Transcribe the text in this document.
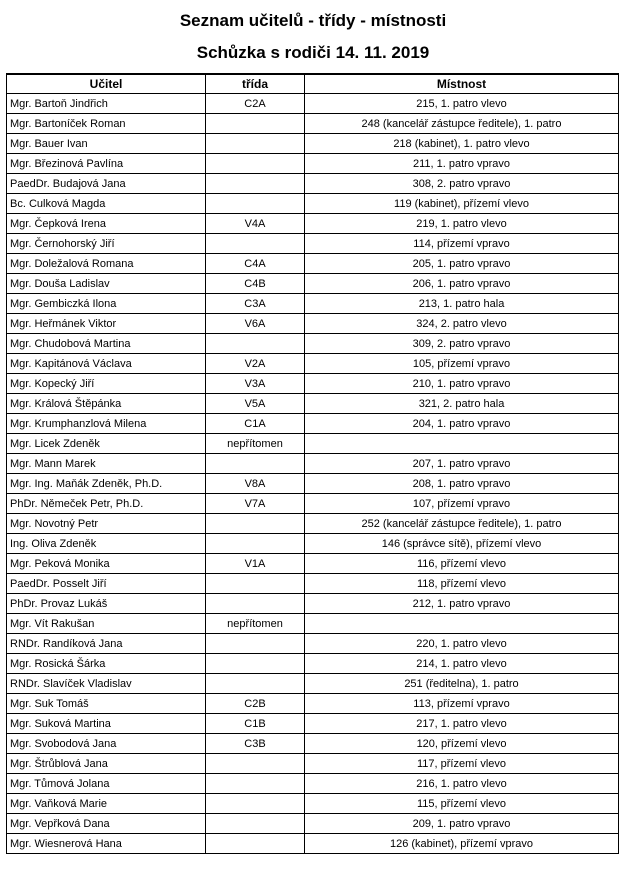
Seznam učitelů - třídy - místnosti
Schůzka s rodiči 14. 11. 2019
Učitel	třída	Místnost
Mgr. Bartoň Jindřich	C2A	215, 1. patro vlevo
Mgr. Bartoníček Roman		248 (kancelář zástupce ředitele), 1. patro
Mgr. Bauer Ivan		218 (kabinet), 1. patro vlevo
Mgr. Březinová Pavlína		211, 1. patro vpravo
PaedDr. Budajová Jana		308, 2. patro vpravo
Bc. Culková Magda		119 (kabinet), přízemí vlevo
Mgr. Čepková Irena	V4A	219, 1. patro vlevo
Mgr. Černohorský Jiří		114, přízemí vpravo
Mgr. Doležalová Romana	C4A	205, 1. patro vpravo
Mgr. Douša Ladislav	C4B	206, 1. patro vpravo
Mgr. Gembiczká Ilona	C3A	213, 1. patro hala
Mgr. Heřmánek Viktor	V6A	324, 2. patro vlevo
Mgr. Chudobová Martina		309, 2. patro vpravo
Mgr. Kapitánová Václava	V2A	105, přízemí vpravo
Mgr. Kopecký Jiří	V3A	210, 1. patro vpravo
Mgr. Králová Štěpánka	V5A	321, 2. patro hala
Mgr. Krumphanzlová Milena	C1A	204, 1. patro vpravo
Mgr. Licek Zdeněk	nepřítomen	
Mgr. Mann Marek		207, 1. patro vpravo
Mgr. Ing. Maňák Zdeněk, Ph.D.	V8A	208, 1. patro vpravo
PhDr. Němeček Petr, Ph.D.	V7A	107, přízemí vpravo
Mgr. Novotný Petr		252 (kancelář zástupce ředitele), 1. patro
Ing. Oliva Zdeněk		146 (správce sítě), přízemí vlevo
Mgr. Peková Monika	V1A	116, přízemí vlevo
PaedDr. Posselt Jiří		118, přízemí vlevo
PhDr. Provaz Lukáš		212, 1. patro vpravo
Mgr. Vít Rakušan	nepřítomen	
RNDr. Randíková Jana		220, 1. patro vlevo
Mgr. Rosická Šárka		214, 1. patro vlevo
RNDr. Slavíček Vladislav		251 (ředitelna), 1. patro
Mgr. Suk Tomáš	C2B	113, přízemí vpravo
Mgr. Suková Martina	C1B	217, 1. patro vlevo
Mgr. Svobodová Jana	C3B	120, přízemí vlevo
Mgr. Štrůblová Jana		117, přízemí vlevo
Mgr. Tůmová Jolana		216, 1. patro vlevo
Mgr. Vaňková Marie		115, přízemí vlevo
Mgr. Vepřková Dana		209, 1. patro vpravo
Mgr. Wiesnerová Hana		126 (kabinet), přízemí vpravo
